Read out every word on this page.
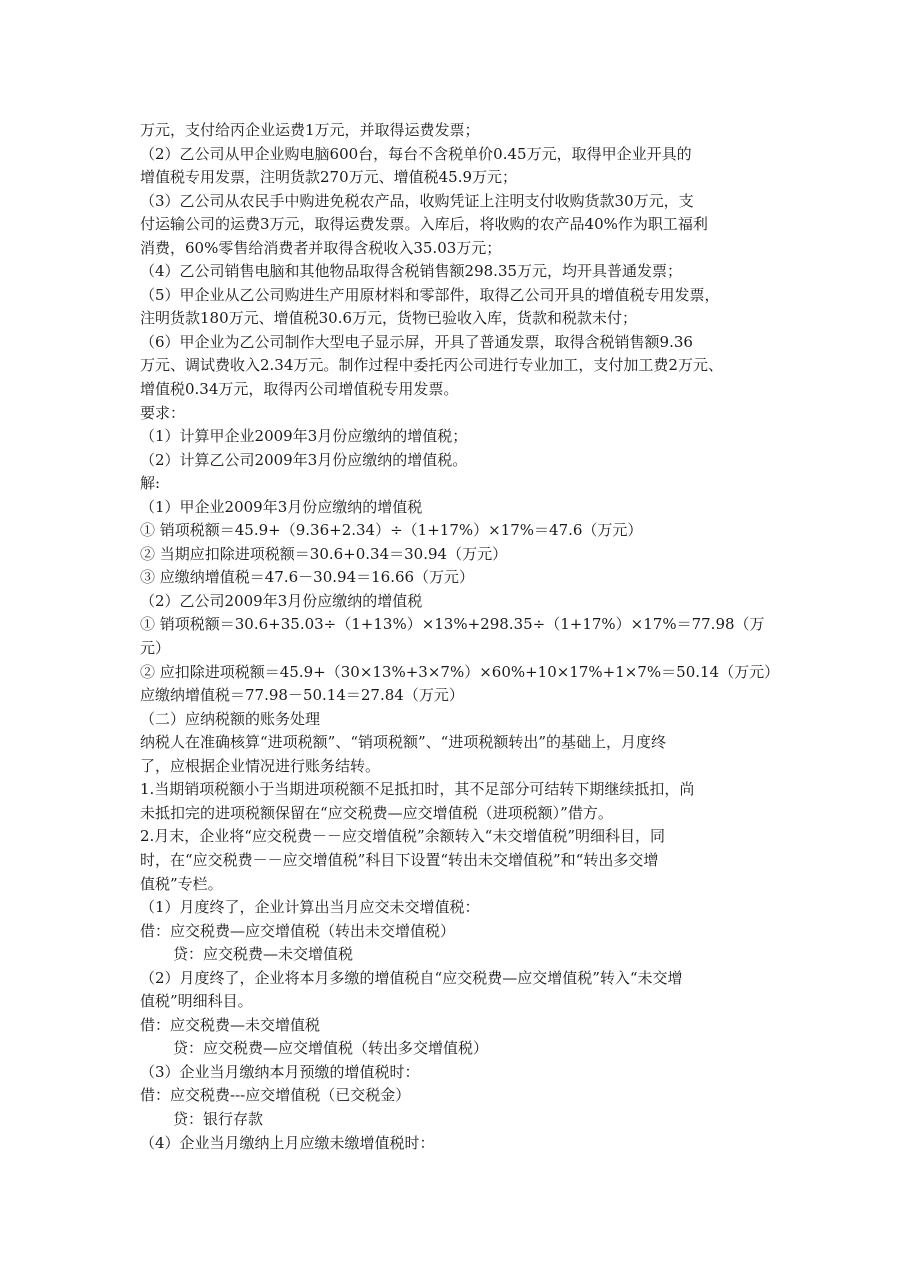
万元，支付给丙企业运费1万元，并取得运费发票；
（2）乙公司从甲企业购电脑600台，每台不含税单价0.45万元，取得甲企业开具的
增值税专用发票，注明货款270万元、增值税45.9万元；
（3）乙公司从农民手中购进免税农产品，收购凭证上注明支付收购货款30万元，支
付运输公司的运费3万元，取得运费发票。入库后，将收购的农产品40%作为职工福利
消费，60%零售给消费者并取得含税收入35.03万元；
（4）乙公司销售电脑和其他物品取得含税销售额298.35万元，均开具普通发票；
（5）甲企业从乙公司购进生产用原材料和零部件，取得乙公司开具的增值税专用发票，
注明货款180万元、增值税30.6万元，货物已验收入库，货款和税款未付；
（6）甲企业为乙公司制作大型电子显示屏，开具了普通发票，取得含税销售额9.36
万元、调试费收入2.34万元。制作过程中委托丙公司进行专业加工，支付加工费2万元、
增值税0.34万元，取得丙公司增值税专用发票。
要求：
（1）计算甲企业2009年3月份应缴纳的增值税；
（2）计算乙公司2009年3月份应缴纳的增值税。
解:
（1）甲企业2009年3月份应缴纳的增值税
① 销项税额＝45.9+（9.36+2.34）÷（1+17%）×17%＝47.6（万元）
② 当期应扣除进项税额＝30.6+0.34＝30.94（万元）
③ 应缴纳增值税＝47.6－30.94＝16.66（万元）
（2）乙公司2009年3月份应缴纳的增值税
① 销项税额＝30.6+35.03÷（1+13%）×13%+298.35÷（1+17%）×17%＝77.98（万
元）
② 应扣除进项税额＝45.9+（30×13%+3×7%）×60%+10×17%+1×7%＝50.14（万元）
应缴纳增值税＝77.98－50.14＝27.84（万元）
（二）应纳税额的账务处理
纳税人在准确核算“进项税额”、“销项税额”、“进项税额转出”的基础上，月度终
了，应根据企业情况进行账务结转。
1.当期销项税额小于当期进项税额不足抵扣时，其不足部分可结转下期继续抵扣，尚
未抵扣完的进项税额保留在“应交税费—应交增值税（进项税额）”借方。
2.月末，企业将“应交税费－－应交增值税”余额转入“未交增值税”明细科目，同
时，在“应交税费－－应交增值税”科目下设置“转出未交增值税”和“转出多交增
值税”专栏。
（1）月度终了，企业计算出当月应交未交增值税：
借：应交税费—应交增值税（转出未交增值税）
贷：应交税费—未交增值税
（2）月度终了，企业将本月多缴的增值税自“应交税费—应交增值税”转入“未交增
值税”明细科目。
借：应交税费—未交增值税
贷：应交税费—应交增值税（转出多交增值税）
（3）企业当月缴纳本月预缴的增值税时：
借：应交税费---应交增值税（已交税金）
贷：银行存款
（4）企业当月缴纳上月应缴未缴增值税时：
